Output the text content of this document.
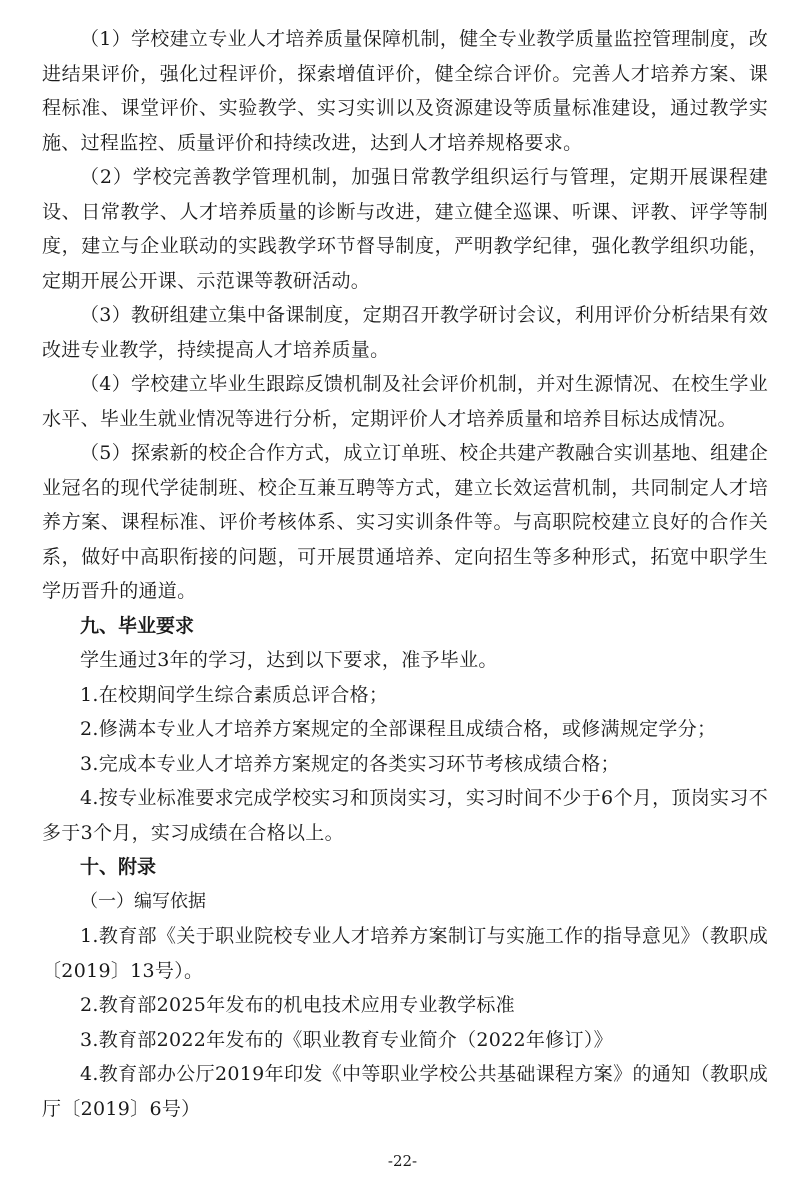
（1）学校建立专业人才培养质量保障机制，健全专业教学质量监控管理制度，改进结果评价，强化过程评价，探索增值评价，健全综合评价。完善人才培养方案、课程标准、课堂评价、实验教学、实习实训以及资源建设等质量标准建设，通过教学实施、过程监控、质量评价和持续改进，达到人才培养规格要求。

（2）学校完善教学管理机制，加强日常教学组织运行与管理，定期开展课程建设、日常教学、人才培养质量的诊断与改进，建立健全巡课、听课、评教、评学等制度，建立与企业联动的实践教学环节督导制度，严明教学纪律，强化教学组织功能，定期开展公开课、示范课等教研活动。

（3）教研组建立集中备课制度，定期召开教学研讨会议，利用评价分析结果有效改进专业教学，持续提高人才培养质量。

（4）学校建立毕业生跟踪反馈机制及社会评价机制，并对生源情况、在校生学业水平、毕业生就业情况等进行分析，定期评价人才培养质量和培养目标达成情况。

（5）探索新的校企合作方式，成立订单班、校企共建产教融合实训基地、组建企业冠名的现代学徒制班、校企互兼互聘等方式，建立长效运营机制，共同制定人才培养方案、课程标准、评价考核体系、实习实训条件等。与高职院校建立良好的合作关系，做好中高职衔接的问题，可开展贯通培养、定向招生等多种形式，拓宽中职学生学历晋升的通道。

九、毕业要求

学生通过3年的学习，达到以下要求，准予毕业。

1.在校期间学生综合素质总评合格；

2.修满本专业人才培养方案规定的全部课程且成绩合格，或修满规定学分；

3.完成本专业人才培养方案规定的各类实习环节考核成绩合格；

4.按专业标准要求完成学校实习和顶岗实习，实习时间不少于6个月，顶岗实习不多于3个月，实习成绩在合格以上。

十、附录

（一）编写依据

1.教育部《关于职业院校专业人才培养方案制订与实施工作的指导意见》（教职成〔2019〕13号）。

2.教育部2025年发布的机电技术应用专业教学标准

3.教育部2022年发布的《职业教育专业简介（2022年修订）》

4.教育部办公厅2019年印发《中等职业学校公共基础课程方案》的通知（教职成厅〔2019〕6号）

-22-
